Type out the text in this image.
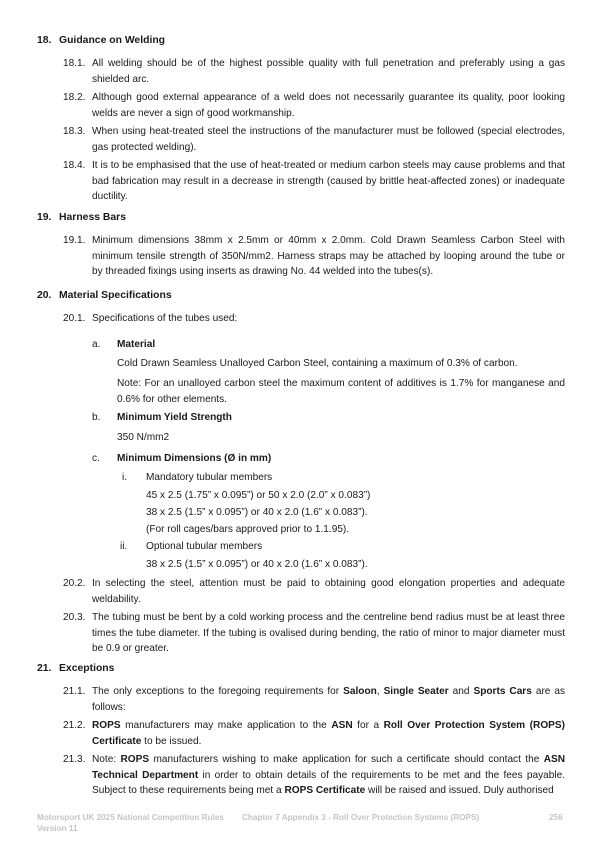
18. Guidance on Welding
18.1. All welding should be of the highest possible quality with full penetration and preferably using a gas shielded arc.
18.2. Although good external appearance of a weld does not necessarily guarantee its quality, poor looking welds are never a sign of good workmanship.
18.3. When using heat-treated steel the instructions of the manufacturer must be followed (special electrodes, gas protected welding).
18.4. It is to be emphasised that the use of heat-treated or medium carbon steels may cause problems and that bad fabrication may result in a decrease in strength (caused by brittle heat-affected zones) or inadequate ductility.
19. Harness Bars
19.1. Minimum dimensions 38mm x 2.5mm or 40mm x 2.0mm. Cold Drawn Seamless Carbon Steel with minimum tensile strength of 350N/mm2. Harness straps may be attached by looping around the tube or by threaded fixings using inserts as drawing No. 44 welded into the tubes(s).
20. Material Specifications
20.1. Specifications of the tubes used:
a. Material
Cold Drawn Seamless Unalloyed Carbon Steel, containing a maximum of 0.3% of carbon.
Note: For an unalloyed carbon steel the maximum content of additives is 1.7% for manganese and 0.6% for other elements.
b. Minimum Yield Strength
350 N/mm2
c. Minimum Dimensions (Ø in mm)
i. Mandatory tubular members
45 x 2.5 (1.75” x 0.095”) or 50 x 2.0 (2.0” x 0.083”)
38 x 2.5 (1.5” x 0.095”) or 40 x 2.0 (1.6” x 0.083”).
(For roll cages/bars approved prior to 1.1.95).
ii. Optional tubular members
38 x 2.5 (1.5” x 0.095”) or 40 x 2.0 (1.6” x 0.083”).
20.2. In selecting the steel, attention must be paid to obtaining good elongation properties and adequate weldability.
20.3. The tubing must be bent by a cold working process and the centreline bend radius must be at least three times the tube diameter. If the tubing is ovalised during bending, the ratio of minor to major diameter must be 0.9 or greater.
21. Exceptions
21.1. The only exceptions to the foregoing requirements for Saloon, Single Seater and Sports Cars are as follows:
21.2. ROPS manufacturers may make application to the ASN for a Roll Over Protection System (ROPS) Certificate to be issued.
21.3. Note: ROPS manufacturers wishing to make application for such a certificate should contact the ASN Technical Department in order to obtain details of the requirements to be met and the fees payable. Subject to these requirements being met a ROPS Certificate will be raised and issued. Duly authorised
Motorsport UK 2025 National Competition Rules
Version 11
Chapter 7 Appendix 3 - Roll Over Protection Systems (ROPS)	256
